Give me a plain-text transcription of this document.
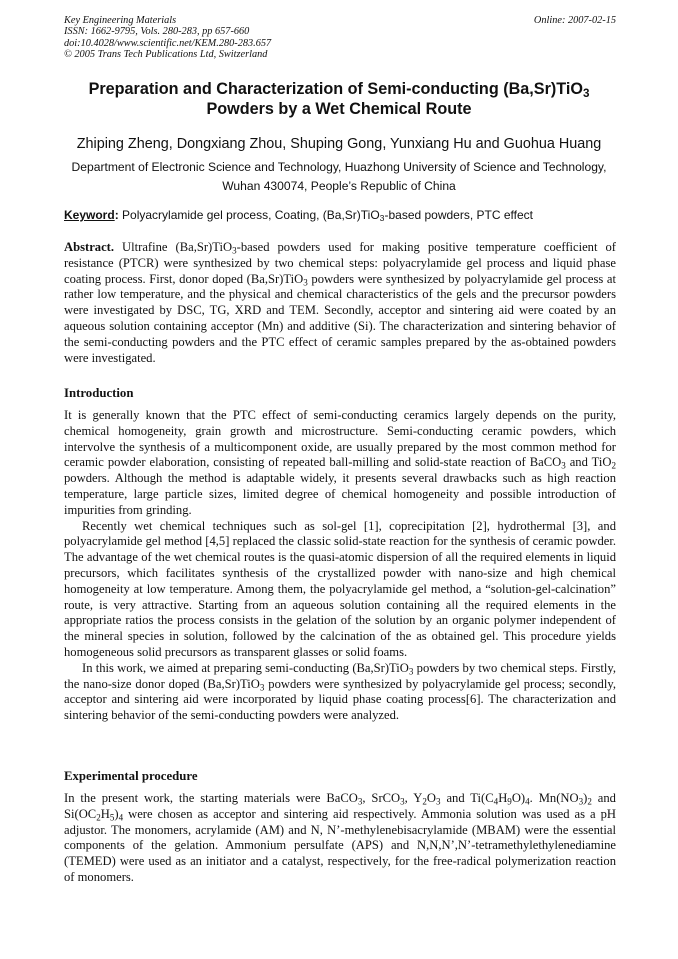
Key Engineering Materials
ISSN: 1662-9795, Vols. 280-283, pp 657-660
doi:10.4028/www.scientific.net/KEM.280-283.657
© 2005 Trans Tech Publications Ltd, Switzerland
Online: 2007-02-15
Preparation and Characterization of Semi-conducting (Ba,Sr)TiO$_3$
Powders by a Wet Chemical Route
Zhiping Zheng, Dongxiang Zhou, Shuping Gong, Yunxiang Hu and Guohua Huang
Department of Electronic Science and Technology, Huazhong University of Science and Technology,
Wuhan 430074, People’s Republic of China
Keyword: Polyacrylamide gel process, Coating, (Ba,Sr)TiO$_3$-based powders, PTC effect

Abstract. Ultrafine (Ba,Sr)TiO$_3$-based powders used for making positive temperature coefficient of resistance (PTCR) were synthesized by two chemical steps: polyacrylamide gel process and liquid phase coating process. First, donor doped (Ba,Sr)TiO$_3$ powders were synthesized by polyacrylamide gel process at rather low temperature, and the physical and chemical characteristics of the gels and the precursor powders were investigated by DSC, TG, XRD and TEM. Secondly, acceptor and sintering aid were coated by an aqueous solution containing acceptor (Mn) and additive (Si). The characterization and sintering behavior of the semi-conducting powders and the PTC effect of ceramic samples prepared by the as-obtained powders were investigated.

Introduction

It is generally known that the PTC effect of semi-conducting ceramics largely depends on the purity, chemical homogeneity, grain growth and microstructure. Semi-conducting ceramic powders, which intervolve the synthesis of a multicomponent oxide, are usually prepared by the most common method for ceramic powder elaboration, consisting of repeated ball-milling and solid-state reaction of BaCO$_3$ and TiO$_2$ powders. Although the method is adaptable widely, it presents several drawbacks such as high reaction temperature, large particle sizes, limited degree of chemical homogeneity and possible introduction of impurities from grinding.

Recently wet chemical techniques such as sol-gel [1], coprecipitation [2], hydrothermal [3], and polyacrylamide gel method [4,5] replaced the classic solid-state reaction for the synthesis of ceramic powder. The advantage of the wet chemical routes is the quasi-atomic dispersion of all the required elements in liquid precursors, which facilitates synthesis of the crystallized powder with nano-size and high chemical homogeneity at low temperature. Among them, the polyacrylamide gel method, a “solution-gel-calcination” route, is very attractive. Starting from an aqueous solution containing all the required elements in the appropriate ratios the process consists in the gelation of the solution by an organic polymer independent of the mineral species in solution, followed by the calcination of the as obtained gel. This procedure yields homogeneous solid precursors as transparent glasses or solid foams.

In this work, we aimed at preparing semi-conducting (Ba,Sr)TiO$_3$ powders by two chemical steps. Firstly, the nano-size donor doped (Ba,Sr)TiO$_3$ powders were synthesized by polyacrylamide gel process; secondly, acceptor and sintering aid were incorporated by liquid phase coating process[6]. The characterization and sintering behavior of the semi-conducting powders were analyzed.

Experimental procedure

In the present work, the starting materials were BaCO$_3$, SrCO$_3$, $Y_2O_3$ and $Ti(C_4H_9O)_4$. $Mn(NO_3)_2$ and $Si(OC_2H_5)_4$ were chosen as acceptor and sintering aid respectively. Ammonia solution was used as a pH adjustor. The monomers, acrylamide (AM) and N, N’-methylenebisacrylamide (MBAM) were the essential components of the gelation. Ammonium persulfate (APS) and N,N,N’,N’-tetramethylethylenediamine (TEMED) were used as an initiator and a catalyst, respectively, for the free-radical polymerization reaction of monomers.
